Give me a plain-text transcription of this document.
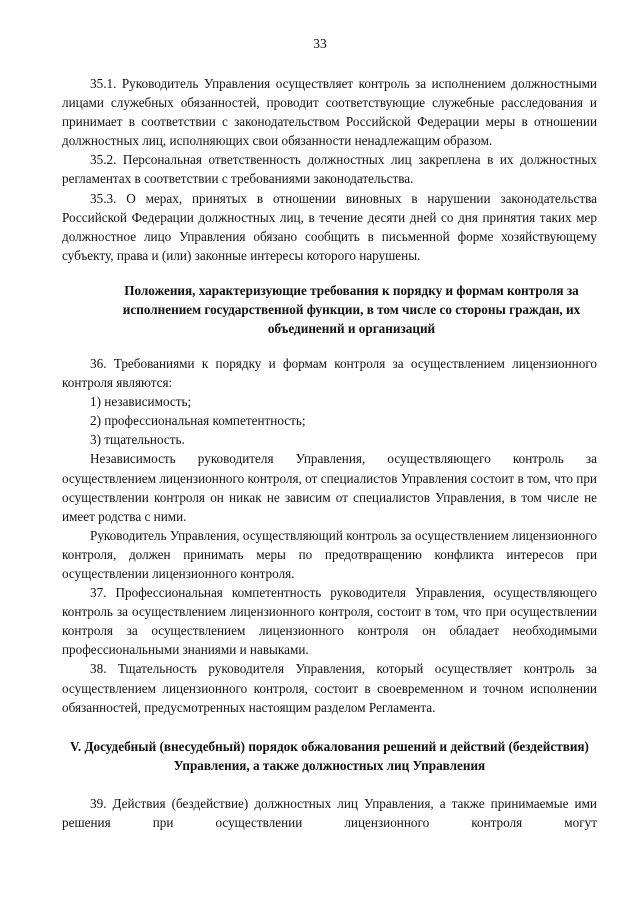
33

35.1. Руководитель Управления осуществляет контроль за исполнением должностными лицами служебных обязанностей, проводит соответствующие служебные расследования и принимает в соответствии с законодательством Российской Федерации меры в отношении должностных лиц, исполняющих свои обязанности ненадлежащим образом.

35.2. Персональная ответственность должностных лиц закреплена в их должностных регламентах в соответствии с требованиями законодательства.

35.3. О мерах, принятых в отношении виновных в нарушении законодательства Российской Федерации должностных лиц, в течение десяти дней со дня принятия таких мер должностное лицо Управления обязано сообщить в письменной форме хозяйствующему субъекту, права и (или) законные интересы которого нарушены.

Положения, характеризующие требования к порядку и формам контроля за исполнением государственной функции, в том числе со стороны граждан, их объединений и организаций

36. Требованиями к порядку и формам контроля за осуществлением лицензионного контроля являются:

1) независимость;

2) профессиональная компетентность;

3) тщательность.

Независимость руководителя Управления, осуществляющего контроль за осуществлением лицензионного контроля, от специалистов Управления состоит в том, что при осуществлении контроля он никак не зависим от специалистов Управления, в том числе не имеет родства с ними.

Руководитель Управления, осуществляющий контроль за осуществлением лицензионного контроля, должен принимать меры по предотвращению конфликта интересов при осуществлении лицензионного контроля.

37. Профессиональная компетентность руководителя Управления, осуществляющего контроль за осуществлением лицензионного контроля, состоит в том, что при осуществлении контроля за осуществлением лицензионного контроля он обладает необходимыми профессиональными знаниями и навыками.

38. Тщательность руководителя Управления, который осуществляет контроль за осуществлением лицензионного контроля, состоит в своевременном и точном исполнении обязанностей, предусмотренных настоящим разделом Регламента.

V. Досудебный (внесудебный) порядок обжалования решений и действий (бездействия) Управления, а также должностных лиц Управления

39. Действия (бездействие) должностных лиц Управления, а также принимаемые ими решения при осуществлении лицензионного контроля могут
